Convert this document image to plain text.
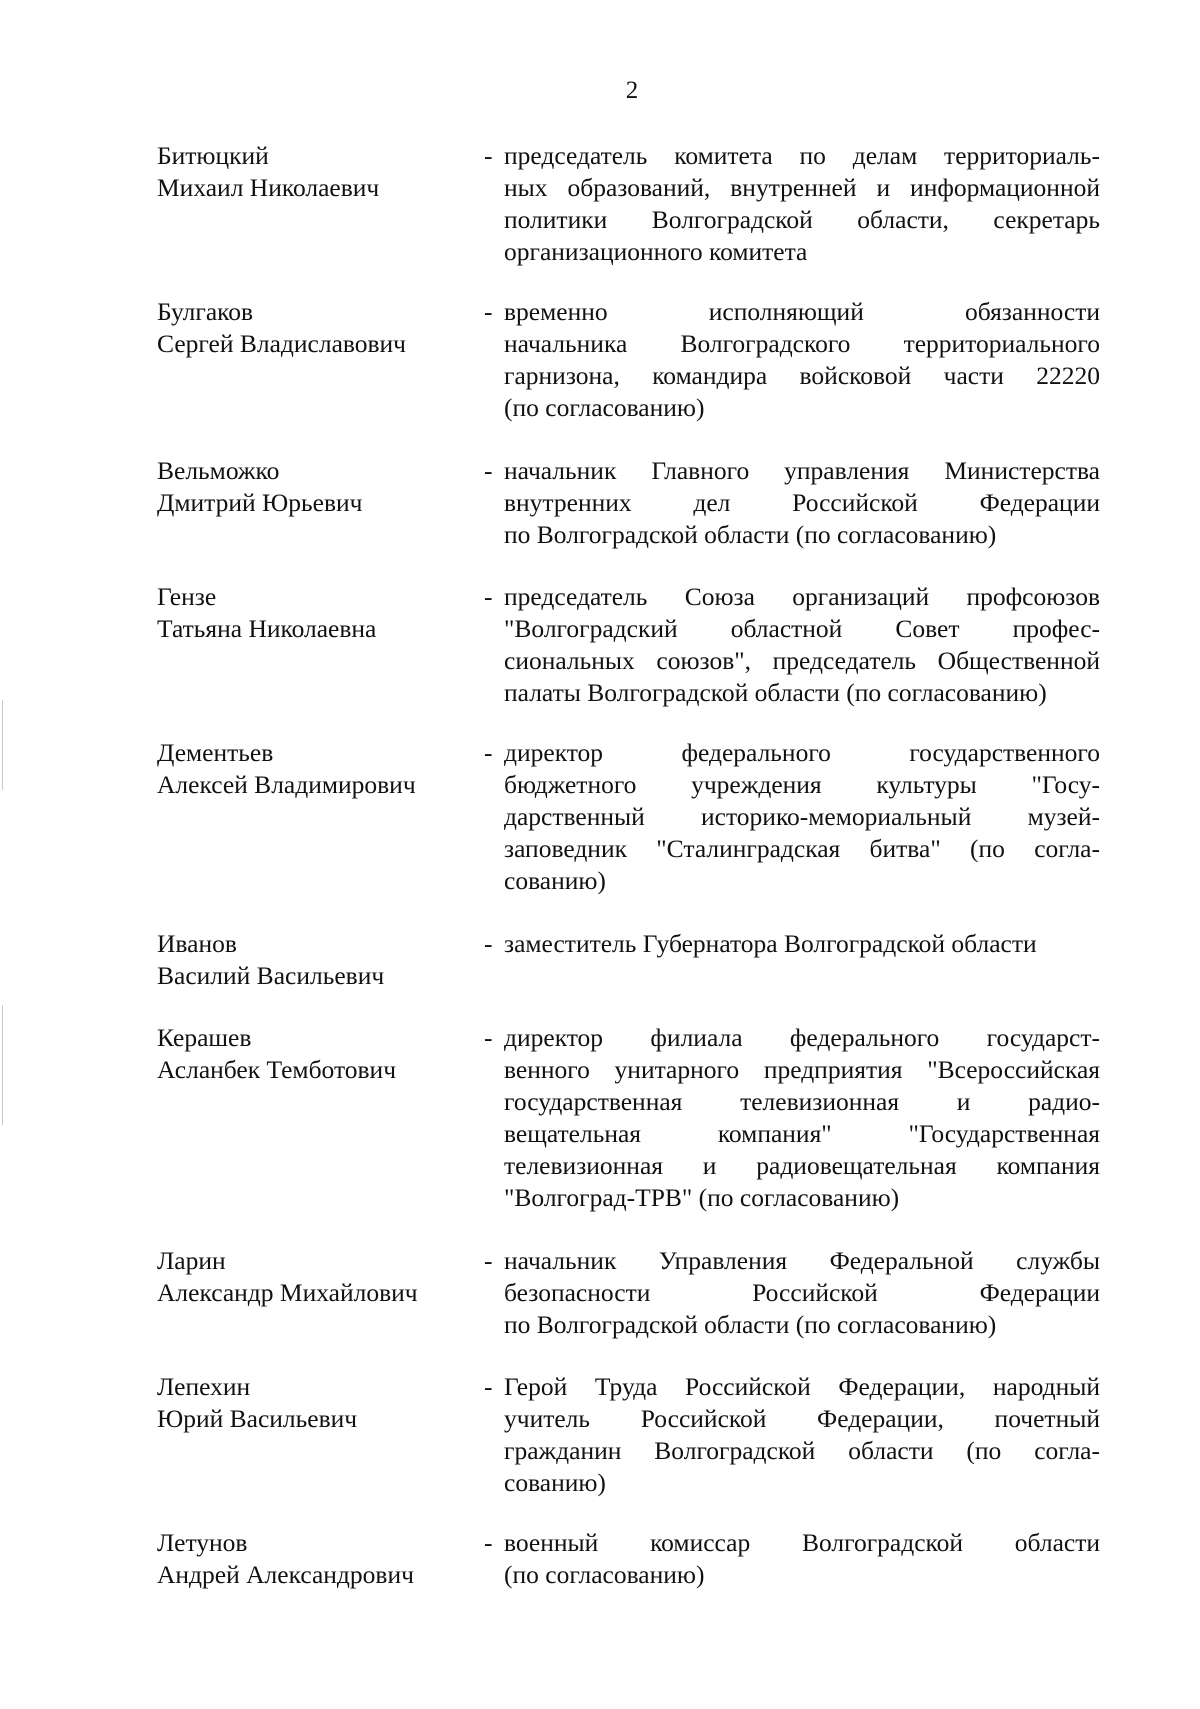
2
Битюцкий
Михаил Николаевич
- председатель комитета по делам территориаль-
ных образований, внутренней и информационной
политики Волгоградской области, секретарь
организационного комитета
Булгаков
Сергей Владиславович
- временно исполняющий обязанности
начальника Волгоградского территориального
гарнизона, командира войсковой части 22220
(по согласованию)
Вельможко
Дмитрий Юрьевич
- начальник Главного управления Министерства
внутренних дел Российской Федерации
по Волгоградской области (по согласованию)
Гензе
Татьяна Николаевна
- председатель Союза организаций профсоюзов
"Волгоградский областной Совет профес-
сиональных союзов", председатель Общественной
палаты Волгоградской области (по согласованию)
Дементьев
Алексей Владимирович
- директор федерального государственного
бюджетного учреждения культуры "Госу-
дарственный историко-мемориальный музей-
заповедник "Сталинградская битва" (по согла-
сованию)
Иванов
Василий Васильевич
- заместитель Губернатора Волгоградской области
Керашев
Асланбек Темботович
- директор филиала федерального государст-
венного унитарного предприятия "Всероссийская
государственная телевизионная и радио-
вещательная компания" "Государственная
телевизионная и радиовещательная компания
"Волгоград-ТРВ" (по согласованию)
Ларин
Александр Михайлович
- начальник Управления Федеральной службы
безопасности Российской Федерации
по Волгоградской области (по согласованию)
Лепехин
Юрий Васильевич
- Герой Труда Российской Федерации, народный
учитель Российской Федерации, почетный
гражданин Волгоградской области (по согла-
сованию)
Летунов
Андрей Александрович
- военный комиссар Волгоградской области
(по согласованию)
